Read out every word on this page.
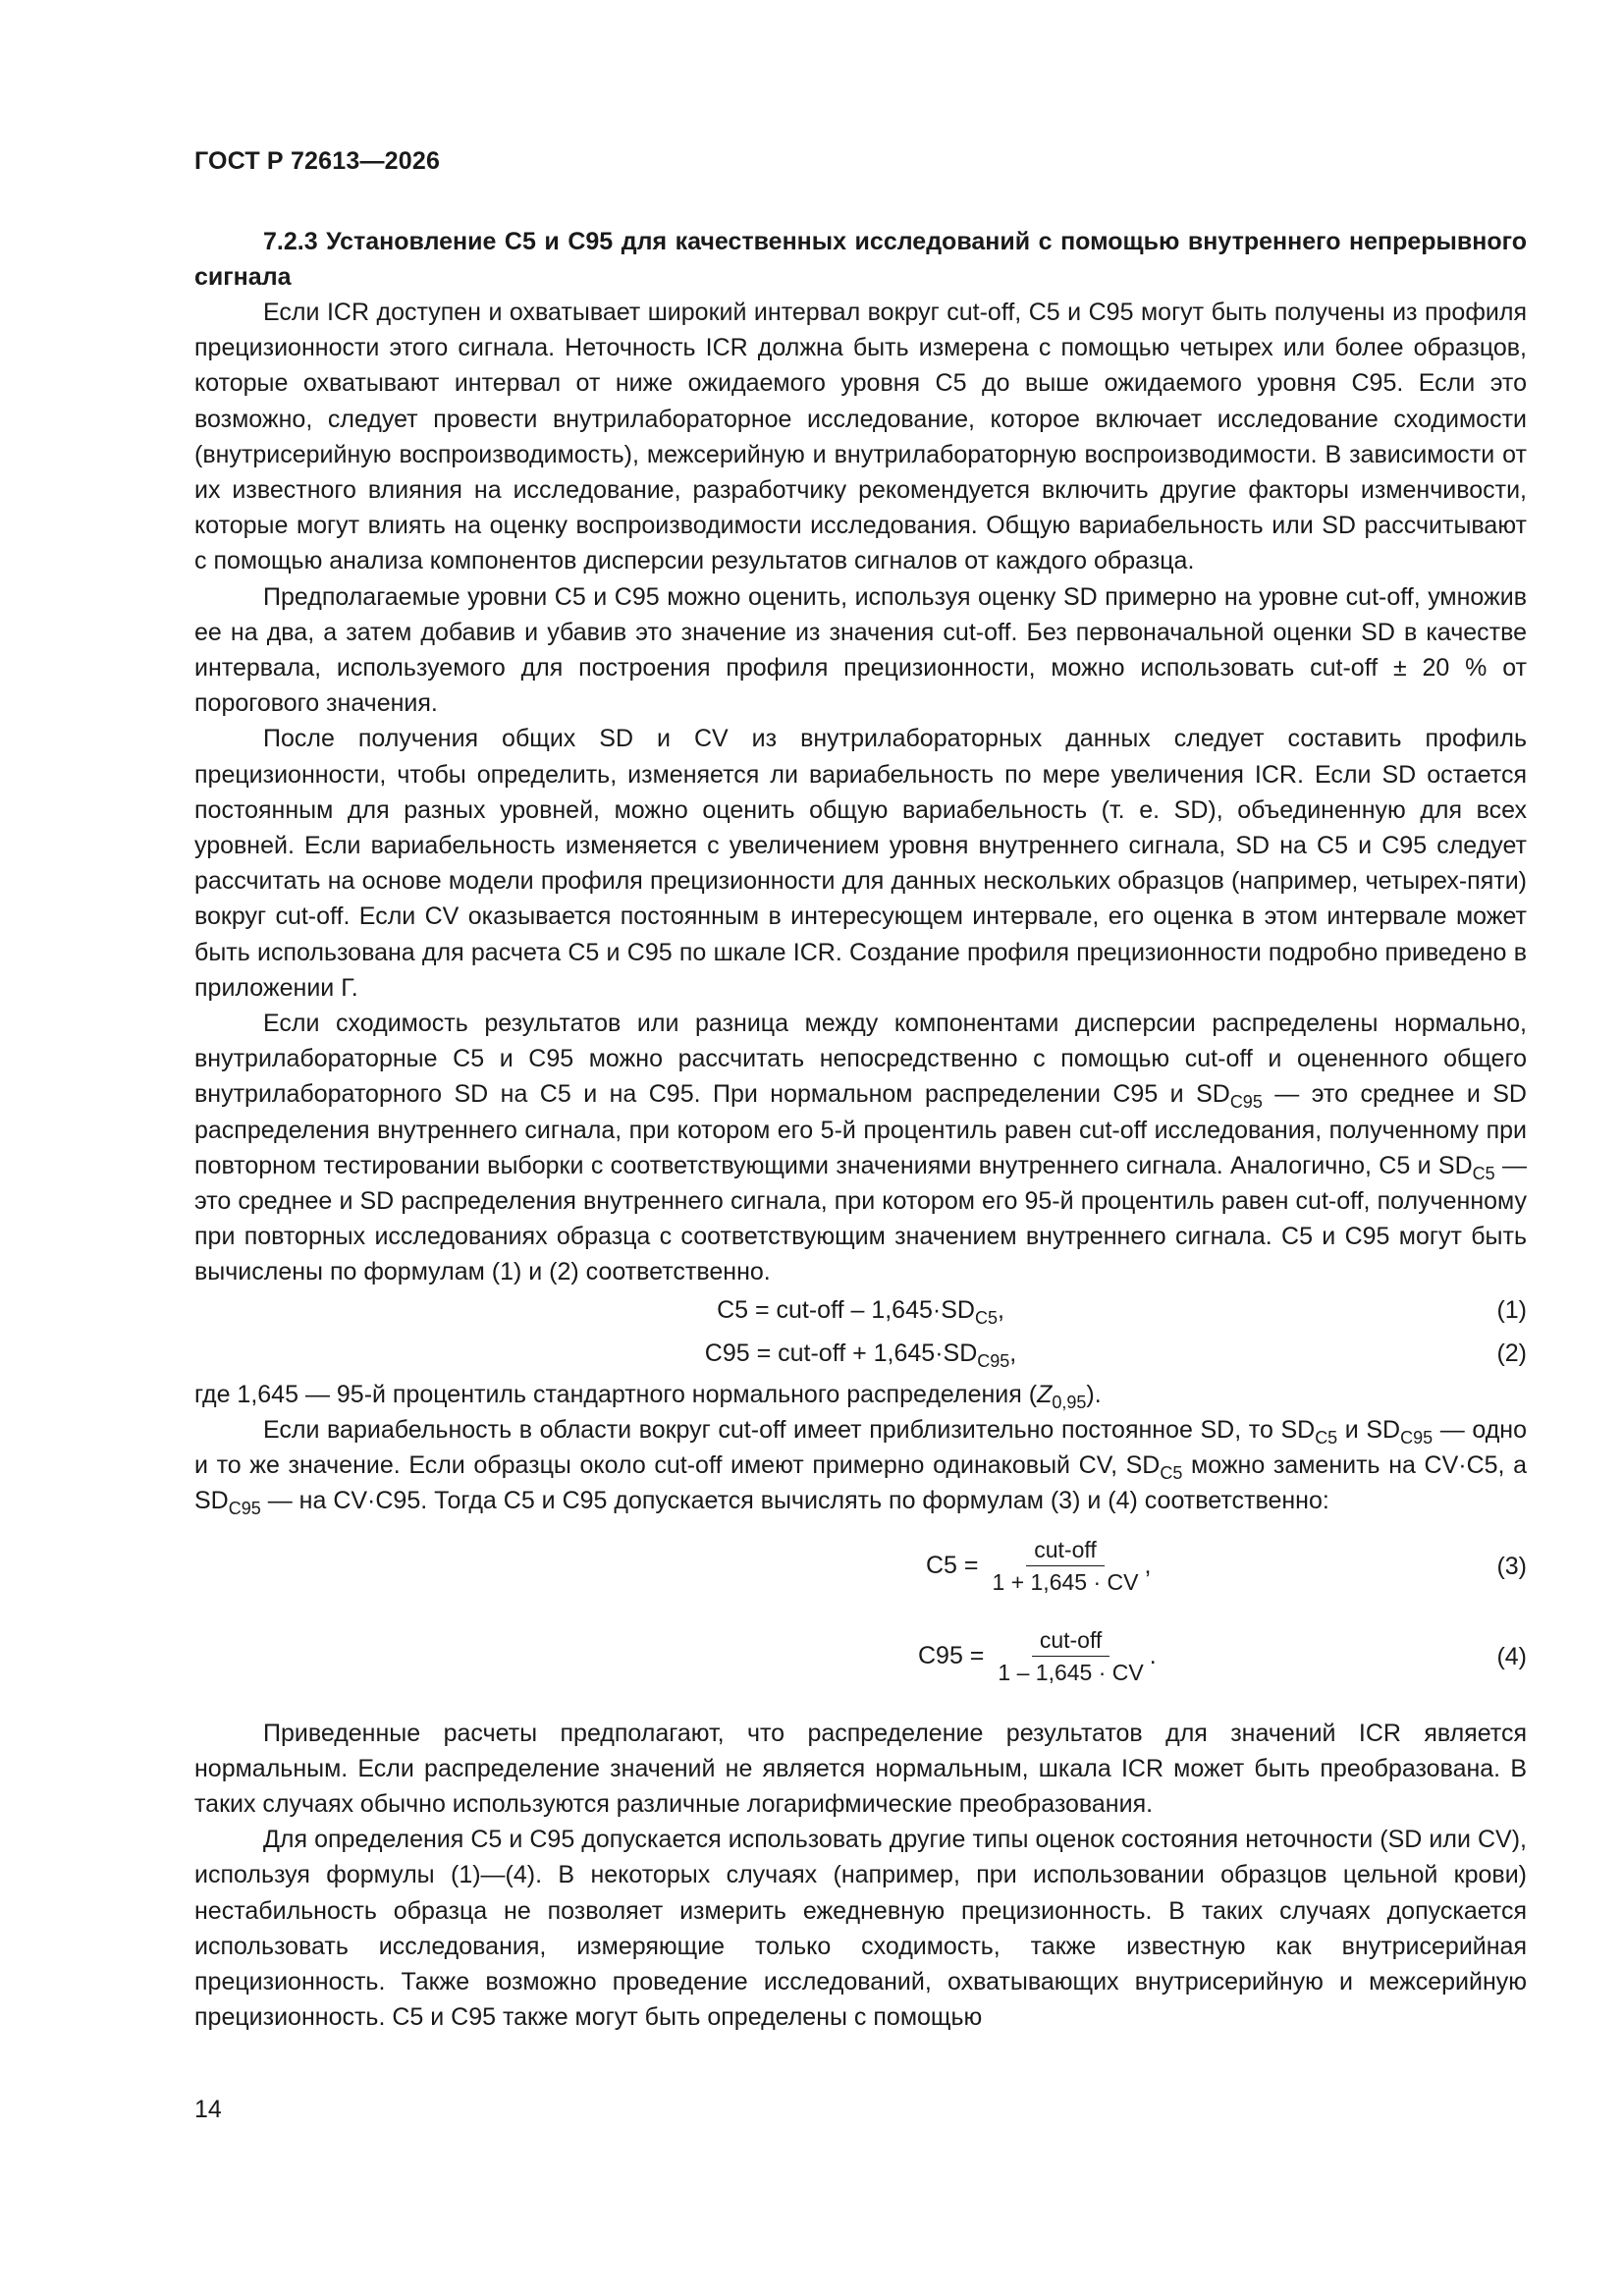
ГОСТ Р 72613—2026
7.2.3 Установление C5 и C95 для качественных исследований с помощью внутреннего непрерывного сигнала

Если ICR доступен и охватывает широкий интервал вокруг cut-off, C5 и C95 могут быть получены из профиля прецизионности этого сигнала. Неточность ICR должна быть измерена с помощью четырех или более образцов, которые охватывают интервал от ниже ожидаемого уровня C5 до выше ожидаемого уровня C95. Если это возможно, следует провести внутрилабораторное исследование, которое включает исследование сходимости (внутрисерийную воспроизводимость), межсерийную и внутрилабораторную воспроизводимости. В зависимости от их известного влияния на исследование, разработчику рекомендуется включить другие факторы изменчивости, которые могут влиять на оценку воспроизводимости исследования. Общую вариабельность или SD рассчитывают с помощью анализа компонентов дисперсии результатов сигналов от каждого образца.

Предполагаемые уровни C5 и C95 можно оценить, используя оценку SD примерно на уровне cut-off, умножив ее на два, а затем добавив и убавив это значение из значения cut-off. Без первоначальной оценки SD в качестве интервала, используемого для построения профиля прецизионности, можно использовать cut-off ± 20 % от порогового значения.

После получения общих SD и CV из внутрилабораторных данных следует составить профиль прецизионности, чтобы определить, изменяется ли вариабельность по мере увеличения ICR. Если SD остается постоянным для разных уровней, можно оценить общую вариабельность (т. е. SD), объединенную для всех уровней. Если вариабельность изменяется с увеличением уровня внутреннего сигнала, SD на C5 и C95 следует рассчитать на основе модели профиля прецизионности для данных нескольких образцов (например, четырех-пяти) вокруг cut-off. Если CV оказывается постоянным в интересующем интервале, его оценка в этом интервале может быть использована для расчета C5 и C95 по шкале ICR. Создание профиля прецизионности подробно приведено в приложении Г.

Если сходимость результатов или разница между компонентами дисперсии распределены нормально, внутрилабораторные C5 и C95 можно рассчитать непосредственно с помощью cut-off и оцененного общего внутрилабораторного SD на C5 и на C95. При нормальном распределении C95 и $SD_{C95}$ — это среднее и SD распределения внутреннего сигнала, при котором его 5-й процентиль равен cut-off исследования, полученному при повторном тестировании выборки с соответствующими значениями внутреннего сигнала. Аналогично, C5 и $SD_{C5}$ — это среднее и SD распределения внутреннего сигнала, при котором его 95-й процентиль равен cut-off, полученному при повторных исследованиях образца с соответствующим значением внутреннего сигнала. C5 и C95 могут быть вычислены по формулам (1) и (2) соответственно.

$C5 = cut-off - 1,645\cdot SD_{C5}$,	(1)
$C95 = cut-off + 1,645\cdot SD_{C95}$,	(2)

где 1,645 — 95-й процентиль стандартного нормального распределения $(Z_{0,95})$.

Если вариабельность в области вокруг cut-off имеет приблизительно постоянное SD, то $SD_{C5}$ и $SD_{C95}$ — одно и то же значение. Если образцы около cut-off имеют примерно одинаковый CV, $SD_{C5}$ можно заменить на CV·C5, а $SD_{C95}$ — на CV·C95. Тогда C5 и C95 допускается вычислять по формулам (3) и (4) соответственно:

$C5 = \frac{\text{cut-off}}{1 + 1,645 \cdot CV}$ ,	(3)
$C95 = \frac{\text{cut-off}}{1 - 1,645 \cdot CV}$ .	(4)

Приведенные расчеты предполагают, что распределение результатов для значений ICR является нормальным. Если распределение значений не является нормальным, шкала ICR может быть преобразована. В таких случаях обычно используются различные логарифмические преобразования.

Для определения C5 и C95 допускается использовать другие типы оценок состояния неточности (SD или CV), используя формулы (1)—(4). В некоторых случаях (например, при использовании образцов цельной крови) нестабильность образца не позволяет измерить ежедневную прецизионность. В таких случаях допускается использовать исследования, измеряющие только сходимость, также известную как внутрисерийная прецизионность. Также возможно проведение исследований, охватывающих внутрисерийную и межсерийную прецизионность. C5 и C95 также могут быть определены с помощью

14
